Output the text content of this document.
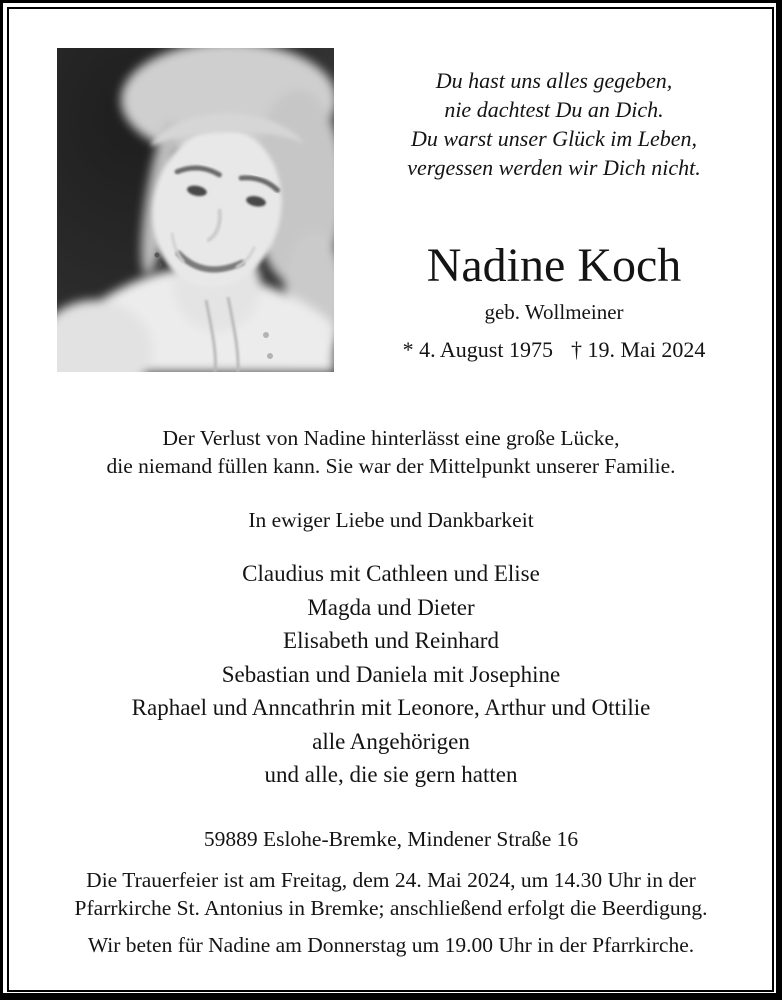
Du hast uns alles gegeben,
nie dachtest Du an Dich.
Du warst unser Glück im Leben,
vergessen werden wir Dich nicht.
Nadine Koch
geb. Wollmeiner
* 4. August 1975 † 19. Mai 2024
Der Verlust von Nadine hinterlässt eine große Lücke,
die niemand füllen kann. Sie war der Mittelpunkt unserer Familie.
In ewiger Liebe und Dankbarkeit
Claudius mit Cathleen und Elise
Magda und Dieter
Elisabeth und Reinhard
Sebastian und Daniela mit Josephine
Raphael und Anncathrin mit Leonore, Arthur und Ottilie
alle Angehörigen
und alle, die sie gern hatten
59889 Eslohe-Bremke, Mindener Straße 16
Die Trauerfeier ist am Freitag, dem 24. Mai 2024, um 14.30 Uhr in der
Pfarrkirche St. Antonius in Bremke; anschließend erfolgt die Beerdigung.
Wir beten für Nadine am Donnerstag um 19.00 Uhr in der Pfarrkirche.
